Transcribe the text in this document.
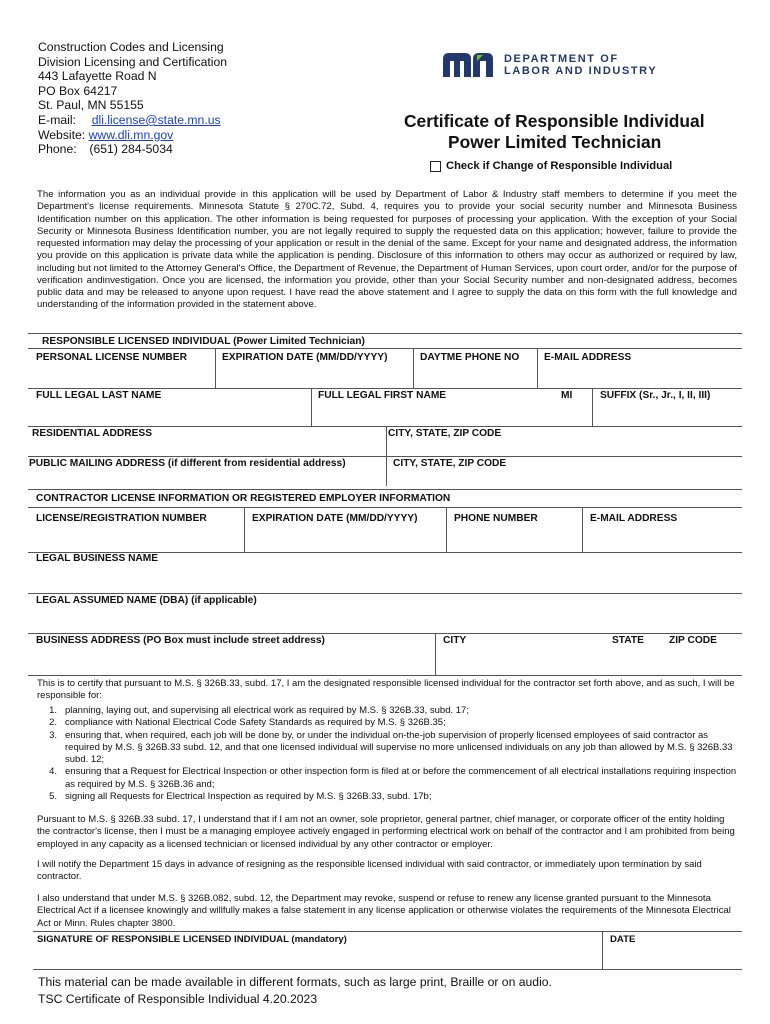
Construction Codes and Licensing
Division Licensing and Certification
443 Lafayette Road N
PO Box 64217
St. Paul, MN 55155
E-mail: dli.license@state.mn.us
Website: www.dli.mn.gov
Phone: (651) 284-5034
DEPARTMENT OF
LABOR AND INDUSTRY
Certificate of Responsible Individual
Power Limited Technician
Check if Change of Responsible Individual
The information you as an individual provide in this application will be used by Department of Labor & Industry staff members to determine if you meet the Department's license requirements. Minnesota Statute § 270C.72, Subd. 4, requires you to provide your social security number and Minnesota Business Identification number on this application. The other information is being requested for purposes of processing your application. With the exception of your Social Security or Minnesota Business Identification number, you are not legally required to supply the requested data on this application; however, failure to provide the requested information may delay the processing of your application or result in the denial of the same. Except for your name and designated address, the information you provide on this application is private data while the application is pending. Disclosure of this information to others may occur as authorized or required by law, including but not limited to the Attorney General's Office, the Department of Revenue, the Department of Human Services, upon court order, and/or for the purpose of verification andinvestigation. Once you are licensed, the information you provide, other than your Social Security number and non-designated address, becomes public data and may be released to anyone upon request. I have read the above statement and I agree to supply the data on this form with the full knowledge and understanding of the information provided in the statement above.
RESPONSIBLE LICENSED INDIVIDUAL (Power Limited Technician)
PERSONAL LICENSE NUMBER	EXPIRATION DATE (MM/DD/YYYY)	DAYTME PHONE NO E-MAIL ADDRESS
FULL LEGAL LAST NAME	FULL LEGAL FIRST NAME	MI	SUFFIX (Sr., Jr., I, II, III)
RESIDENTIAL ADDRESS	CITY, STATE, ZIP CODE
PUBLIC MAILING ADDRESS (if different from residential address)	CITY, STATE, ZIP CODE
CONTRACTOR LICENSE INFORMATION OR REGISTERED EMPLOYER INFORMATION
LICENSE/REGISTRATION NUMBER	EXPIRATION DATE (MM/DD/YYYY)	PHONE NUMBER	E-MAIL ADDRESS
LEGAL BUSINESS NAME
LEGAL ASSUMED NAME (DBA) (if applicable)
BUSINESS ADDRESS (PO Box must include street address)	CITY	STATE ZIP CODE
This is to certify that pursuant to M.S. § 326B.33, subd. 17, I am the designated responsible licensed individual for the contractor set forth above, and as such, I will be responsible for:
1. planning, laying out, and supervising all electrical work as required by M.S. § 326B.33, subd. 17;
2. compliance with National Electrical Code Safety Standards as required by M.S. § 326B.35;
3. ensuring that, when required, each job will be done by, or under the individual on-the-job supervision of properly licensed employees of said contractor as required by M.S. § 326B.33 subd. 12, and that one licensed individual will supervise no more unlicensed individuals on any job than allowed by M.S. § 326B.33 subd. 12;
4. ensuring that a Request for Electrical Inspection or other inspection form is filed at or before the commencement of all electrical installations requiring inspection as required by M.S. § 326B.36 and;
5. signing all Requests for Electrical Inspection as required by M.S. § 326B.33, subd. 17b;
Pursuant to M.S. § 326B.33 subd. 17, I understand that if I am not an owner, sole proprietor, general partner, chief manager, or corporate officer of the entity holding the contractor's license, then I must be a managing employee actively engaged in performing electrical work on behalf of the contractor and I am prohibited from being employed in any capacity as a licensed technician or licensed individual by any other contractor or employer.
I will notify the Department 15 days in advance of resigning as the responsible licensed individual with said contractor, or immediately upon termination by said contractor.
I also understand that under M.S. § 326B.082, subd. 12, the Department may revoke, suspend or refuse to renew any license granted pursuant to the Minnesota Electrical Act if a licensee knowingly and willfully makes a false statement in any license application or otherwise violates the requirements of the Minnesota Electrical Act or Minn. Rules chapter 3800.
SIGNATURE OF RESPONSIBLE LICENSED INDIVIDUAL (mandatory)	DATE
This material can be made available in different formats, such as large print, Braille or on audio.
TSC Certificate of Responsible Individual 4.20.2023
